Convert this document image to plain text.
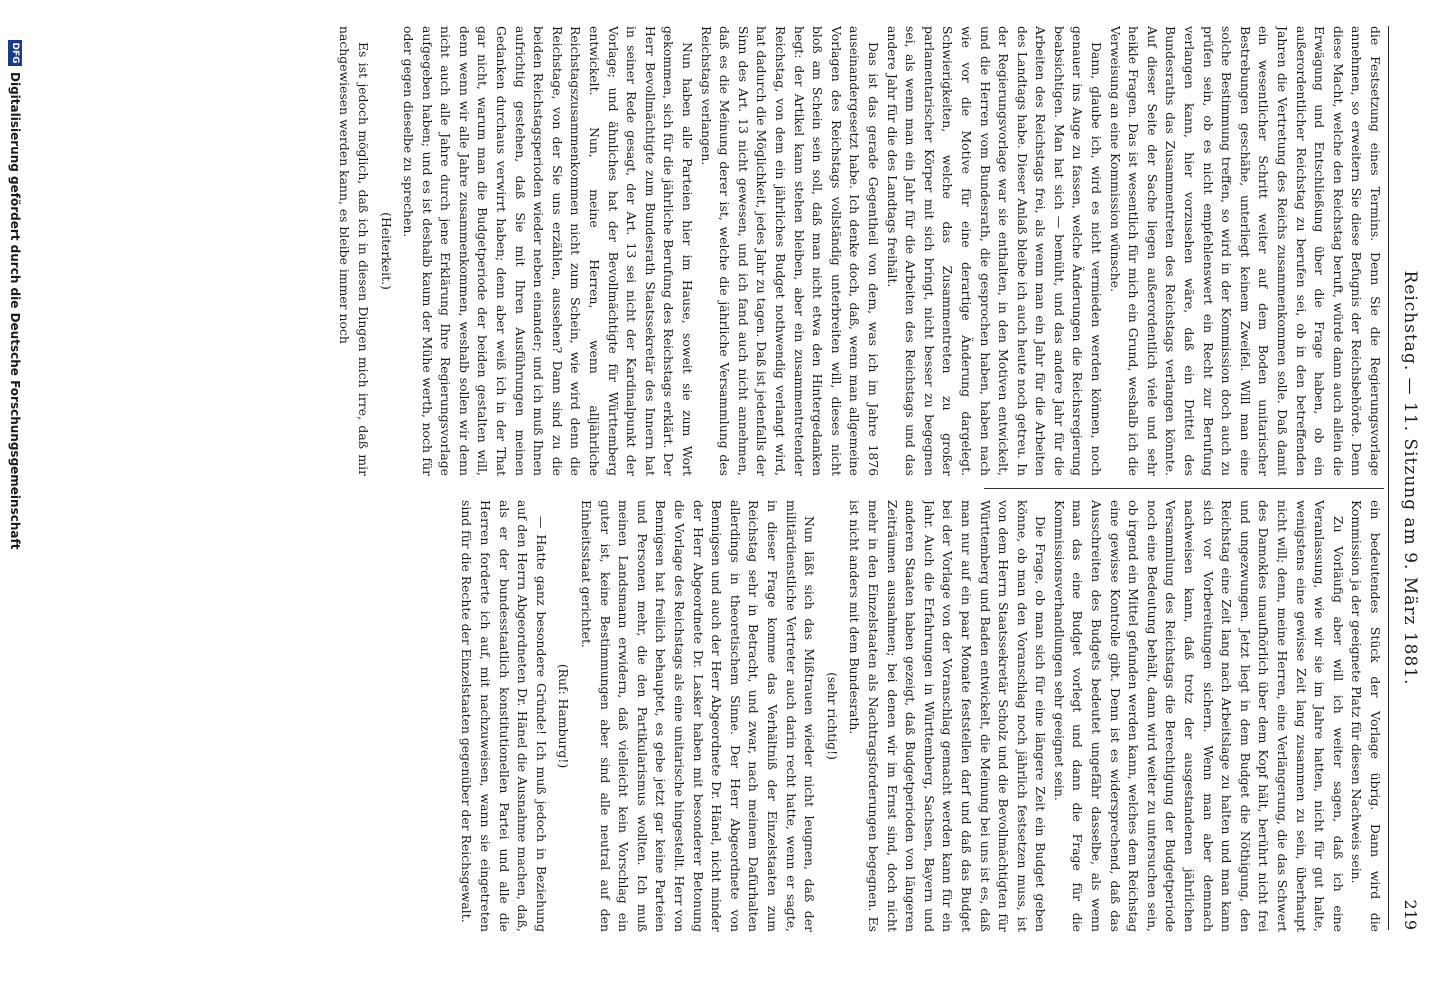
Reichstag. — 11. Sitzung am 9. März 1881.
219

die Festsetzung eines Termins. Denn Sie die Regierungsvorlage annehmen, so erweitern Sie diese Befugnis der Reichsbehörde. Denn diese Macht, welche den Reichstag beruft, würde dann auch allein die Erwägung und Entschließung über die Frage haben, ob ein außerordentlicher Reichstag zu berufen sei, ob in den betreffenden Jahren die Vertretung des Reichs zusammenkommen solle. Daß damit ein wesentlicher Schritt weiter auf dem Boden unitarischer Bestrebungen geschähe, unterliegt keinem Zweifel. Will man eine solche Bestimmung treffen, so wird in der Kommission doch auch zu prüfen sein, ob es nicht empfehlenswert ein Recht zur Berufung verlangen kann, hier vorzusehen wäre, daß ein Drittel des Bundesraths das Zusammentreten des Reichstags verlangen könnte. Auf dieser Seite der Sache liegen außerordentlich viele und sehr heikle Fragen. Das ist wesentlich für mich ein Grund, weshalb ich die Verweisung an eine Kommission wünsche.

Dann, glaube ich, wird es nicht vermieden werden können, noch genauer ins Auge zu fassen, welche Änderungen die Reichsregierung beabsichtigen. Man hat sich — bemüht, und das andere Jahr für die Arbeiten des Reichstags frei, als wenn man ein Jahr für die Arbeiten des Landtags habe. Dieser Anlaß bleibe ich auch heute noch getreu. In der Regierungsvorlage war sie enthalten, in den Motiven entwickelt, und die Herren vom Bundesrath, die gesprochen haben, haben nach wie vor die Motive für eine derartige Änderung dargelegt. Schwierigkeiten, welche das Zusammentreten zu großer parlamentarischer Körper mit sich bringt, nicht besser zu begegnen sei, als wenn man ein Jahr für die Arbeiten des Reichstags und das andere Jahr für die des Landtags freihält.

Das ist das gerade Gegentheil von dem, was ich im Jahre 1876 auseinandergesetzt habe. Ich denke doch, daß, wenn man allgemeine Vorlagen des Reichstags vollständig unterbreiten will, dieses nicht bloß am Schein sein soll, daß man nicht etwa den Hintergedanken hegt: der Artikel kann stehen bleiben, aber ein zusammentretender Reichstag, von dem ein jährliches Budget nothwendig verlangt wird, hat dadurch die Möglichkeit, jedes Jahr zu tagen. Daß ist jedenfalls der Sinn des Art. 13 nicht gewesen, und ich fand auch nicht annehmen, daß es die Meinung derer ist, welche die jährliche Versammlung des Reichstags verlangen.

Nun haben alle Parteien hier im Hause, soweit sie zum Wort gekommen, sich für die jährliche Berufung des Reichstags erklärt. Der Herr Bevollmächtigte zum Bundesrath Staatssekretär des Innern hat in seiner Rede gesagt, der Art. 13 sei nicht der Kardinalpunkt der Vorlage; und ähnliches hat der Bevollmächtigte für Württemberg entwickelt. Nun, meine Herren, wenn alljährliche Reichstagszusammenkommen nicht zum Schein, wie wird denn die Reichstage, von der Sie uns erzählen, aussehen? Dann sind zu die beiden Reichstagsperioden wieder neben einander; und ich muß Ihnen aufrichtig gestehen, daß Sie mit Ihren Ausführungen meinen Gedanken durchaus verwirrt haben; denn aber weiß ich in der That gar nicht, warum man die Budgetperiode der beiden gestalten will, denn wenn wir alle Jahre zusammenkommen, weshalb sollen wir denn nicht auch alle Jahre durch jene Erklärung Ihre Regierungsvorlage aufgegeben haben; und es ist deshalb kaum der Mühe werth, noch für oder gegen dieselbe zu sprechen.

(Heiterkeit.)

Es ist jedoch möglich, daß ich in diesen Dingen mich irre, daß mir nachgewiesen werden kann, es bleibe immer noch

ein bedeutendes Stück der Vorlage übrig. Dann wird die Kommission ja der geeignete Platz für diesen Nachweis sein.

Zu Vorläufig aber will ich weiter sagen, daß ich eine Veranlassung, wie wir sie im Jahre hatten, nicht für gut halte, wenigstens eine gewisse Zeit lang zusammen zu sein, überhaupt nicht will; denn, meine Herren, eine Verlängerung, die das Schwert des Damokles unaufhörlich über dem Kopf hält, berührt nicht frei und ungezwungen. Jetzt liegt in dem Budget die Nöthigung, den Reichstag eine Zeit lang nach Arbeitslage zu halten und man kann sich vor Vorbereitungen sichern. Wenn man aber demnach nachweisen kann, daß trotz der ausgestandenen jährlichen Versammlung des Reichstags die Berechtigung der Budgetperiode noch eine Bedeutung behält, dann wird weiter zu untersuchen sein, ob irgend ein Mittel gefunden werden kann, welches dem Reichstag eine gewisse Kontrolle gibt. Denn ist es widersprechend, daß das Ausschreiten des Budgets bedeutet ungefähr dasselbe, als wenn man das eine Budget vorlegt und dann die Frage für die Kommissionsverhandlungen sehr geeignet sein.

Die Frage, ob man sich für eine längere Zeit ein Budget geben könne, ob man den Voranschlag noch jährlich festsetzen muss, ist von dem Herrn Staatssekretär Scholz und die Bevollmächtigten für Württemberg und Baden entwickelt, die Meinung bei uns ist es, daß man nur auf ein paar Monate feststellen darf und daß das Budget bei der Vorlage von der Voranschlag gemacht werden kann für ein Jahr. Auch die Erfahrungen in Württemberg, Sachsen, Bayern und anderen Staaten haben gezeigt, daß Budgetperioden von längeren Zeiträumen ausnahmen; bei denen wir im Ernst sind, doch nicht mehr in den Einzelstaaten als Nachtragsforderungen begegnen. Es ist nicht anders mit dem Bundesrath.

(sehr richtig!)

Nun läßt sich das Mißtrauen wieder nicht leugnen, daß der militärdienstliche Vertreter auch darin recht hatte, wenn er sagte, in dieser Frage komme das Verhältniß der Einzelstaaten zum Reichstag sehr in Betracht, und zwar, nach meinem Dafürhalten allerdings in theoretischem Sinne. Der Herr Abgeordnete von Bennigsen und auch der Herr Abgeordnete Dr. Hänel, nicht minder der Herr Abgeordnete Dr. Lasker haben mit besonderer Betonung die Vorlage des Reichstags als eine unitarische hingestellt. Herr von Bennigsen hat freilich behauptet, es gebe jetzt gar keine Parteien und Personen mehr, die den Partikularismus wollten. Ich muß meinen Landsmann erwidern, daß vielleicht kein Vorschlag ein guter ist, keine Bestimmungen aber sind alle neutral auf den Einheitsstaat gerichtet.

(Ruf: Hamburg!)

— Hatte ganz besondere Gründe! Ich muß jedoch in Beziehung auf den Herrn Abgeordneten Dr. Hänel die Ausnahme machen, daß, als er der bundesstaatlich konstitutionellen Partei und alle die Herren forderte ich auf, mit nachzuweisen, wann sie eingetreten sind für die Rechte der Einzelstaaten gegenüber der Reichsgewalt.

DFG
Digitalisierung gefördert durch die Deutsche Forschungsgemeinschaft
